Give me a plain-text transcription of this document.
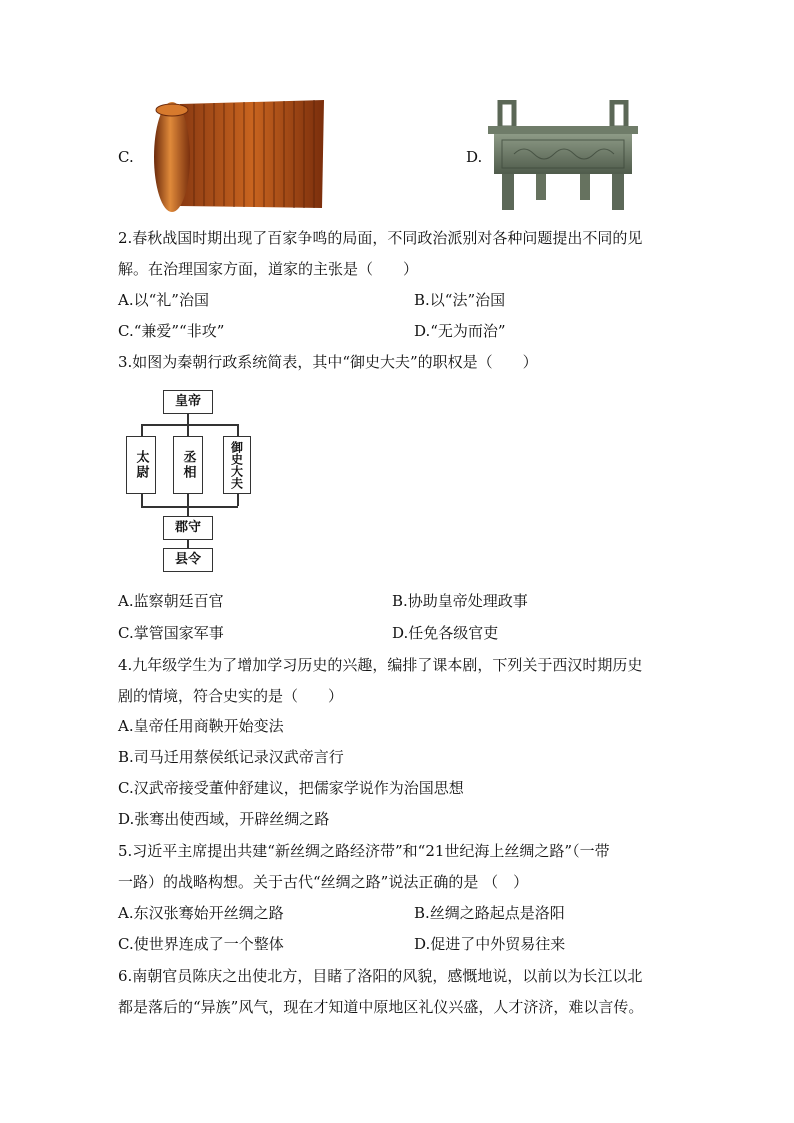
C.	D.
2.春秋战国时期出现了百家争鸣的局面，不同政治派别对各种问题提出不同的见
解。在治理国家方面，道家的主张是（　　）
A.以“礼”治国	B.以“法”治国
C.“兼爱”“非攻”	D.“无为而治”
3.如图为秦朝行政系统简表，其中“御史大夫”的职权是（　　）
皇帝
太尉	丞相	御史大夫
郡守
县令
A.监察朝廷百官	B.协助皇帝处理政事
C.掌管国家军事	D.任免各级官吏
4.九年级学生为了增加学习历史的兴趣，编排了课本剧，下列关于西汉时期历史
剧的情境，符合史实的是（　　）
A.皇帝任用商鞅开始变法
B.司马迁用蔡侯纸记录汉武帝言行
C.汉武帝接受董仲舒建议，把儒家学说作为治国思想
D.张骞出使西域，开辟丝绸之路
5.习近平主席提出共建“新丝绸之路经济带”和“21世纪海上丝绸之路”（一带
一路）的战略构想。关于古代“丝绸之路”说法正确的是 （　）
A.东汉张骞始开丝绸之路	B.丝绸之路起点是洛阳
C.使世界连成了一个整体	D.促进了中外贸易往来
6.南朝官员陈庆之出使北方，目睹了洛阳的风貌，感慨地说，以前以为长江以北
都是落后的“异族”风气，现在才知道中原地区礼仪兴盛，人才济济，难以言传。
